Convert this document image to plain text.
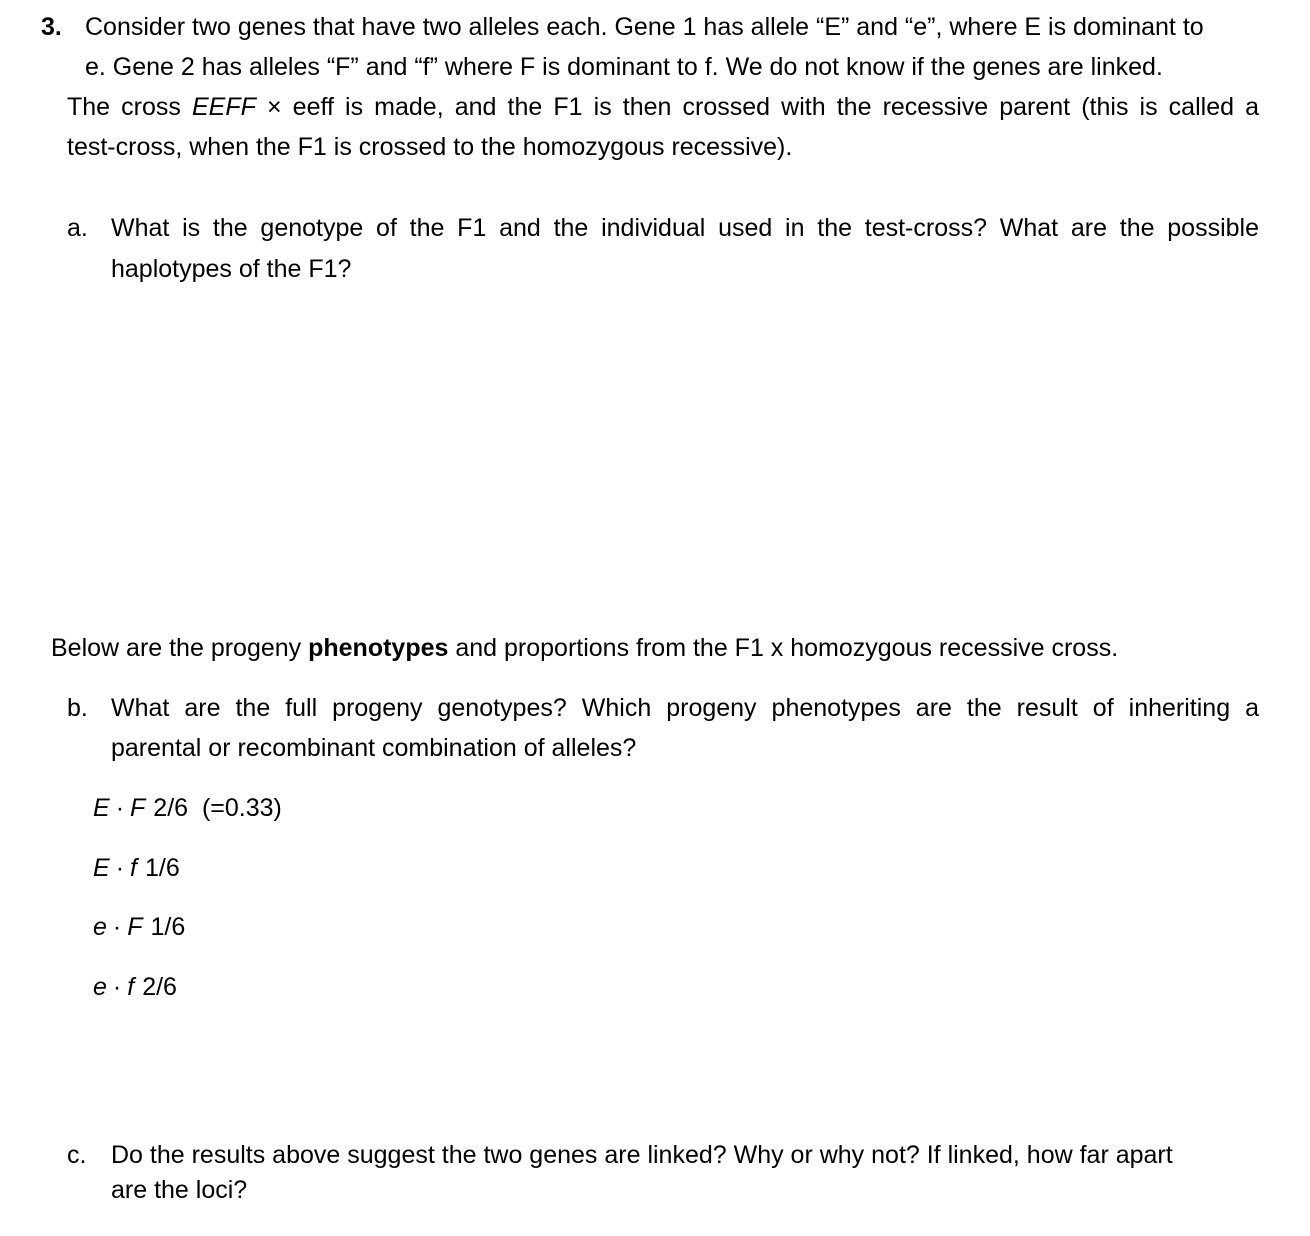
3. Consider two genes that have two alleles each. Gene 1 has allele “E” and “e”, where E is dominant to
e. Gene 2 has alleles “F” and “f” where F is dominant to f. We do not know if the genes are linked.
The cross EEFF × eeff is made, and the F1 is then crossed with the recessive parent (this is called a
test-cross, when the F1 is crossed to the homozygous recessive).
a. What is the genotype of the F1 and the individual used in the test-cross? What are the possible
haplotypes of the F1?
Below are the progeny phenotypes and proportions from the F1 x homozygous recessive cross.
b. What are the full progeny genotypes? Which progeny phenotypes are the result of inheriting a
parental or recombinant combination of alleles?
E · F 2/6  (=0.33)
E · f 1/6
e · F 1/6
e · f 2/6
c. Do the results above suggest the two genes are linked? Why or why not? If linked, how far apart
are the loci?
